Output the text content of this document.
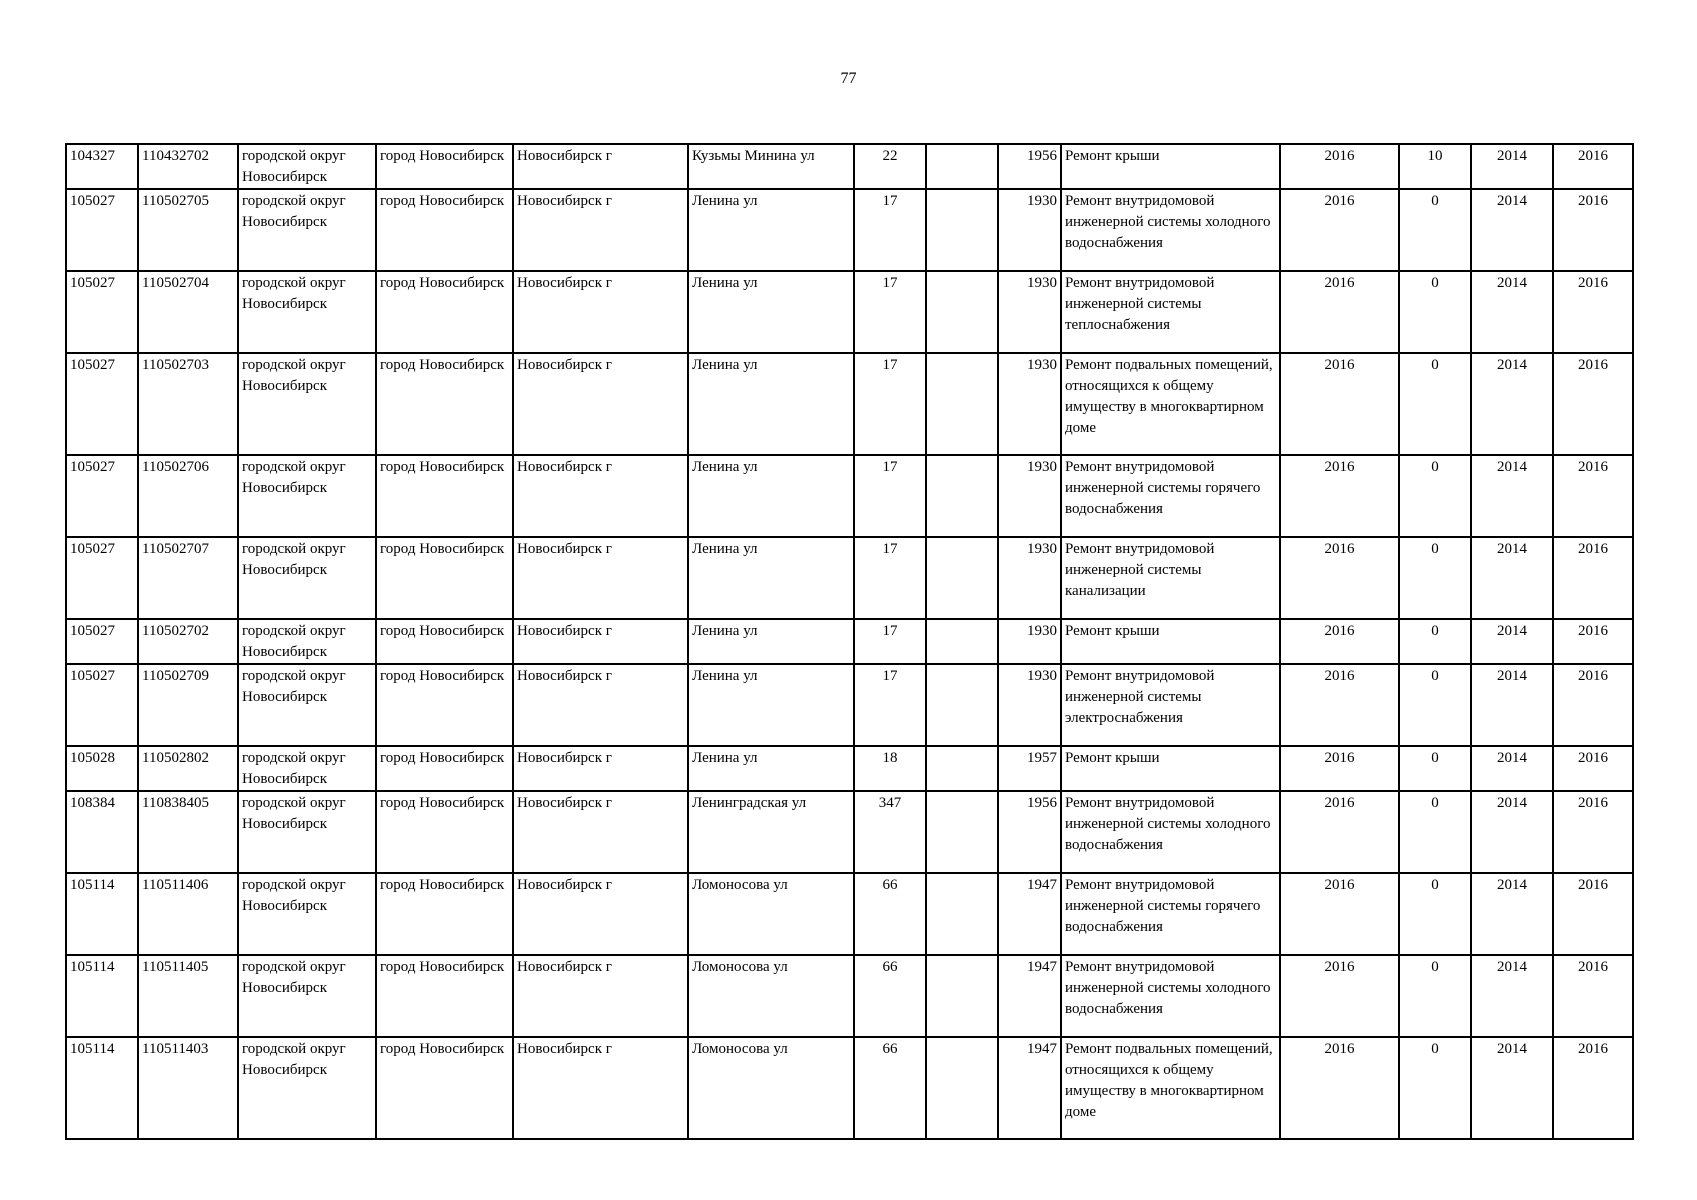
77
104327	110432702	городской округ Новосибирск	город Новосибирск	Новосибирск г	Кузьмы Минина ул	22		1956	Ремонт крыши	2016	10	2014	2016
105027	110502705	городской округ Новосибирск	город Новосибирск	Новосибирск г	Ленина ул	17		1930	Ремонт внутридомовой инженерной системы холодного водоснабжения	2016	0	2014	2016
105027	110502704	городской округ Новосибирск	город Новосибирск	Новосибирск г	Ленина ул	17		1930	Ремонт внутридомовой инженерной системы теплоснабжения	2016	0	2014	2016
105027	110502703	городской округ Новосибирск	город Новосибирск	Новосибирск г	Ленина ул	17		1930	Ремонт подвальных помещений, относящихся к общему имуществу в многоквартирном доме	2016	0	2014	2016
105027	110502706	городской округ Новосибирск	город Новосибирск	Новосибирск г	Ленина ул	17		1930	Ремонт внутридомовой инженерной системы горячего водоснабжения	2016	0	2014	2016
105027	110502707	городской округ Новосибирск	город Новосибирск	Новосибирск г	Ленина ул	17		1930	Ремонт внутридомовой инженерной системы канализации	2016	0	2014	2016
105027	110502702	городской округ Новосибирск	город Новосибирск	Новосибирск г	Ленина ул	17		1930	Ремонт крыши	2016	0	2014	2016
105027	110502709	городской округ Новосибирск	город Новосибирск	Новосибирск г	Ленина ул	17		1930	Ремонт внутридомовой инженерной системы электроснабжения	2016	0	2014	2016
105028	110502802	городской округ Новосибирск	город Новосибирск	Новосибирск г	Ленина ул	18		1957	Ремонт крыши	2016	0	2014	2016
108384	110838405	городской округ Новосибирск	город Новосибирск	Новосибирск г	Ленинградская ул	347		1956	Ремонт внутридомовой инженерной системы холодного водоснабжения	2016	0	2014	2016
105114	110511406	городской округ Новосибирск	город Новосибирск	Новосибирск г	Ломоносова ул	66		1947	Ремонт внутридомовой инженерной системы горячего водоснабжения	2016	0	2014	2016
105114	110511405	городской округ Новосибирск	город Новосибирск	Новосибирск г	Ломоносова ул	66		1947	Ремонт внутридомовой инженерной системы холодного водоснабжения	2016	0	2014	2016
105114	110511403	городской округ Новосибирск	город Новосибирск	Новосибирск г	Ломоносова ул	66		1947	Ремонт подвальных помещений, относящихся к общему имуществу в многоквартирном доме	2016	0	2014	2016
